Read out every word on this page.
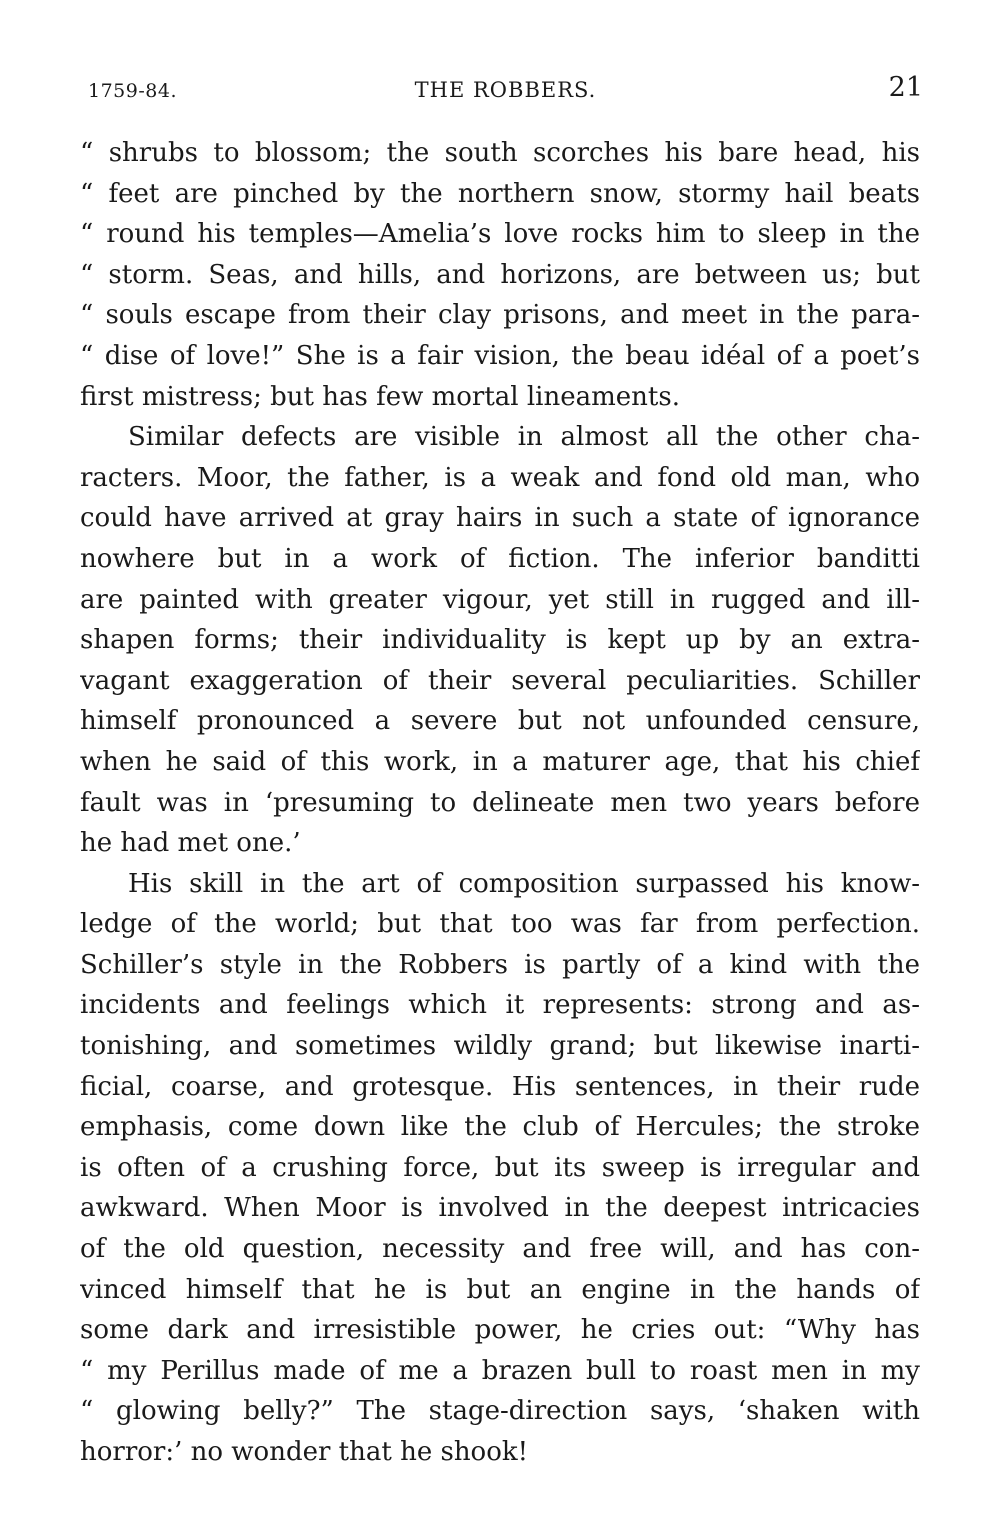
1759-84.	THE ROBBERS.	21
“ shrubs to blossom; the south scorches his bare head, his
“ feet are pinched by the northern snow, stormy hail beats
“ round his temples—Amelia’s love rocks him to sleep in the
“ storm. Seas, and hills, and horizons, are between us; but
“ souls escape from their clay prisons, and meet in the para-
“ dise of love!” She is a fair vision, the beau idéal of a poet’s
first mistress; but has few mortal lineaments.
Similar defects are visible in almost all the other cha-
racters. Moor, the father, is a weak and fond old man, who
could have arrived at gray hairs in such a state of ignorance
nowhere but in a work of fiction. The inferior banditti
are painted with greater vigour, yet still in rugged and ill-
shapen forms; their individuality is kept up by an extra-
vagant exaggeration of their several peculiarities. Schiller
himself pronounced a severe but not unfounded censure,
when he said of this work, in a maturer age, that his chief
fault was in ‘presuming to delineate men two years before
he had met one.’
His skill in the art of composition surpassed his know-
ledge of the world; but that too was far from perfection.
Schiller’s style in the Robbers is partly of a kind with the
incidents and feelings which it represents: strong and as-
tonishing, and sometimes wildly grand; but likewise inarti-
ficial, coarse, and grotesque. His sentences, in their rude
emphasis, come down like the club of Hercules; the stroke
is often of a crushing force, but its sweep is irregular and
awkward. When Moor is involved in the deepest intricacies
of the old question, necessity and free will, and has con-
vinced himself that he is but an engine in the hands of
some dark and irresistible power, he cries out: “Why has
“ my Perillus made of me a brazen bull to roast men in my
“ glowing belly?” The stage-direction says, ‘shaken with
horror:’ no wonder that he shook!
